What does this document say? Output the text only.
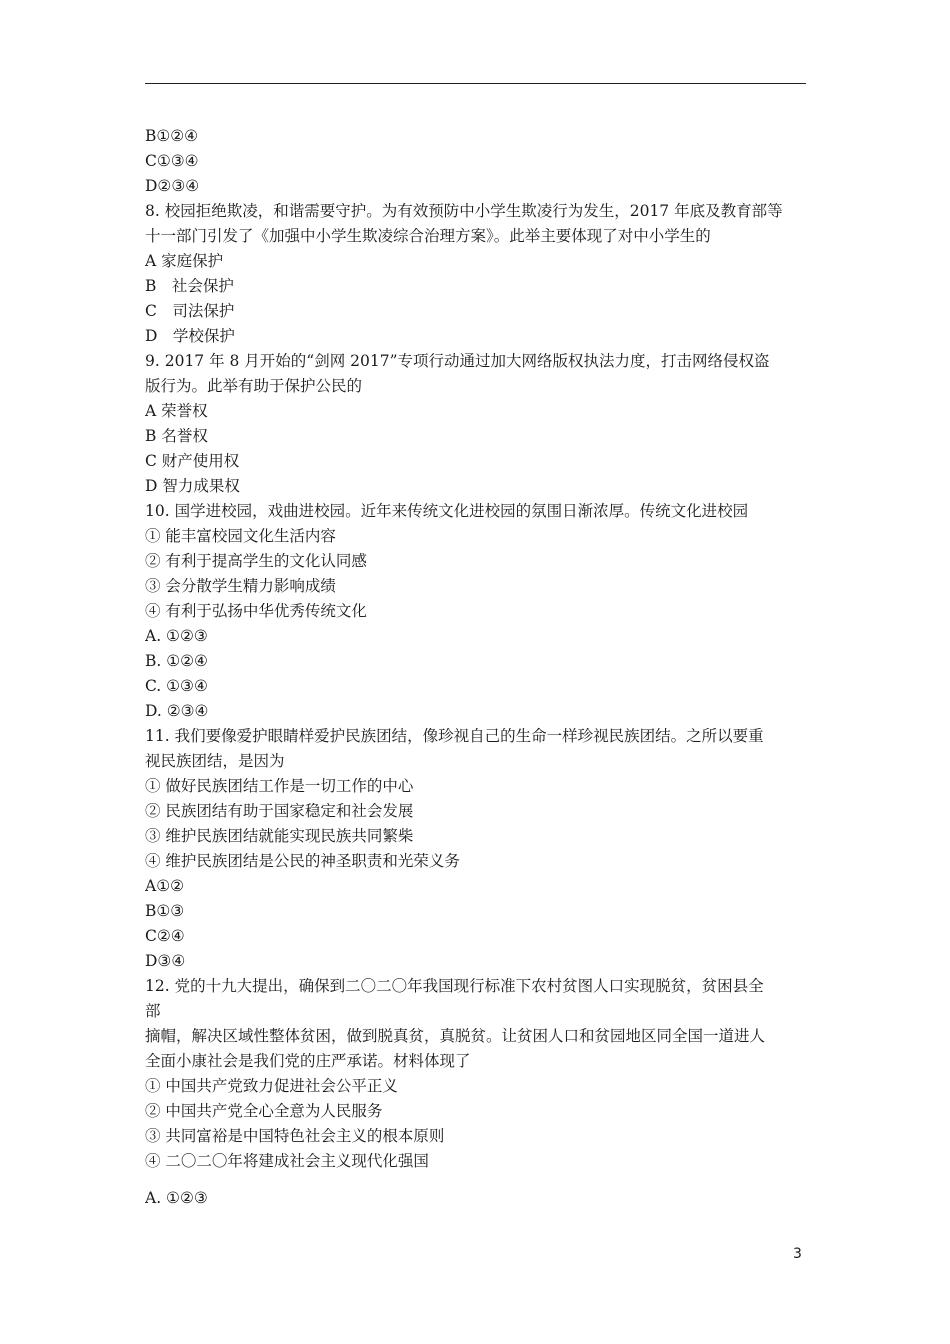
B①②④
C①③④
D②③④
8. 校园拒绝欺凌，和谐需要守护。为有效预防中小学生欺凌行为发生，2017 年底及教育部等
十一部门引发了《加强中小学生欺凌综合治理方案》。此举主要体现了对中小学生的
A 家庭保护
B　社会保护
C　司法保护
D　学校保护
9. 2017 年 8 月开始的“剑网 2017”专项行动通过加大网络版权执法力度，打击网络侵权盗
版行为。此举有助于保护公民的
A 荣誉权
B 名誉权
C 财产使用权
D 智力成果权
10. 国学进校园，戏曲进校园。近年来传统文化进校园的氛围日渐浓厚。传统文化进校园
① 能丰富校园文化生活内容
② 有利于提高学生的文化认同感
③ 会分散学生精力影响成绩
④ 有利于弘扬中华优秀传统文化
A. ①②③
B. ①②④
C. ①③④
D. ②③④
11. 我们要像爱护眼睛样爱护民族团结，像珍视自己的生命一样珍视民族团结。之所以要重
视民族团结，是因为
① 做好民族团结工作是一切工作的中心
② 民族团结有助于国家稳定和社会发展
③ 维护民族团结就能实现民族共同繁柴
④ 维护民族团结是公民的神圣职责和光荣义务
A①②
B①③
C②④
D③④
12. 党的十九大提出，确保到二〇二〇年我国现行标准下农村贫图人口实现脱贫，贫困县全
部
摘帽，解决区域性整体贫困，做到脱真贫，真脱贫。让贫困人口和贫园地区同全国一道进人
全面小康社会是我们党的庄严承诺。材料体现了
① 中国共产党致力促进社会公平正义
② 中国共产党全心全意为人民服务
③ 共同富裕是中国特色社会主义的根本原则
④ 二〇二〇年将建成社会主义现代化强国
A. ①②③
3
